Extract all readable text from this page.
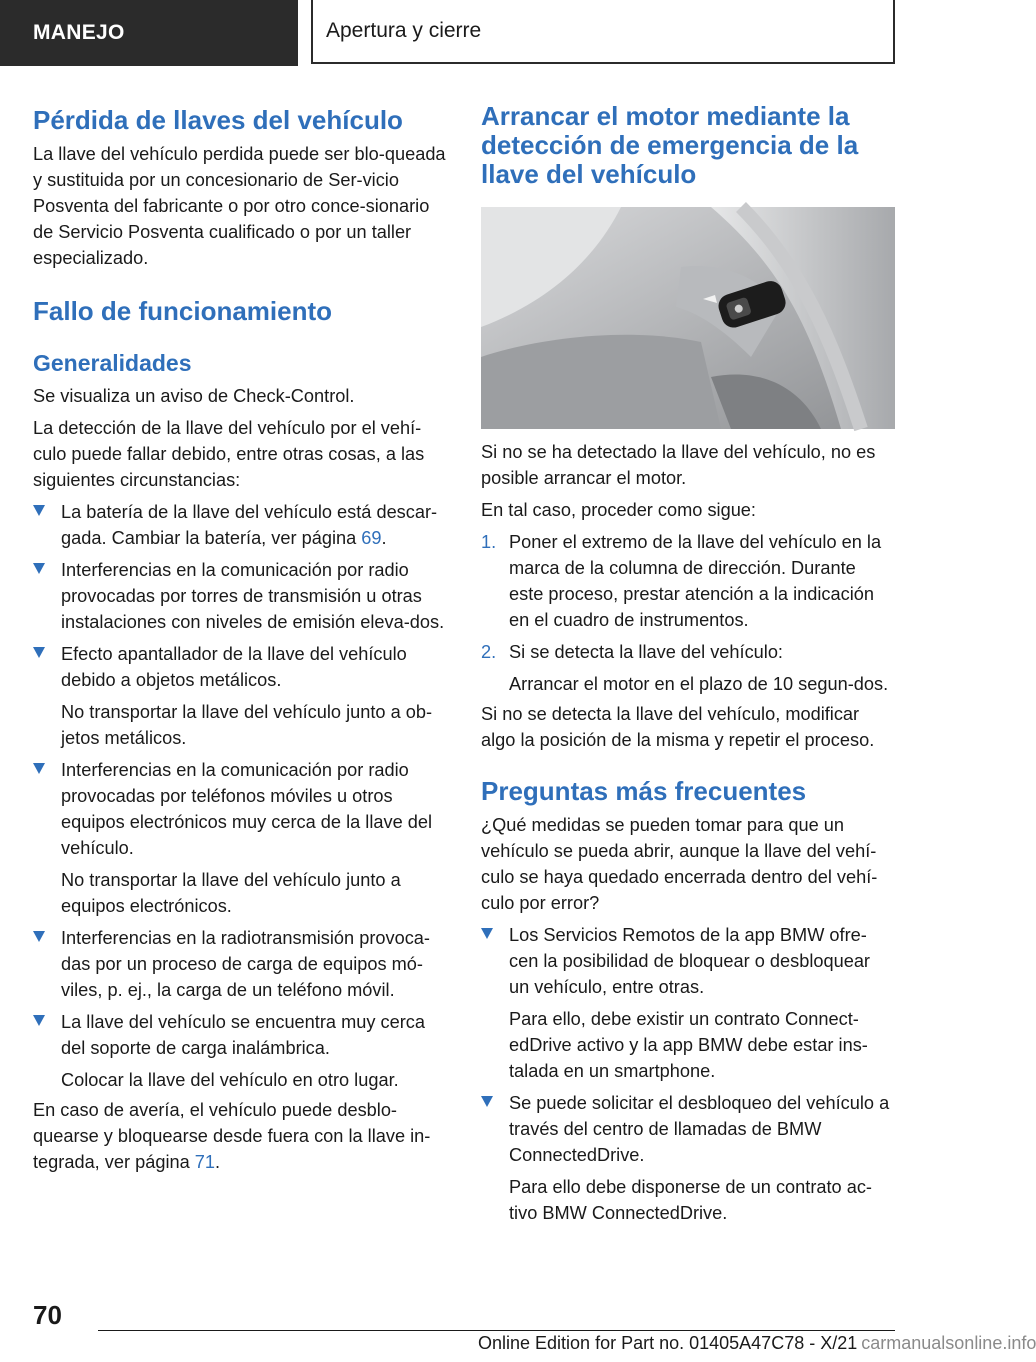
MANEJO	Apertura y cierre
Pérdida de llaves del vehículo

La llave del vehículo perdida puede ser blo-queada y sustituida por un concesionario de Ser-vicio Posventa del fabricante o por otro conce-sionario de Servicio Posventa cualificado o por un taller especializado.

Fallo de funcionamiento
Generalidades

Se visualiza un aviso de Check-Control.

La detección de la llave del vehículo por el vehí-culo puede fallar debido, entre otras cosas, a las siguientes circunstancias:

La batería de la llave del vehículo está descar-gada. Cambiar la batería, ver página 69.

Interferencias en la comunicación por radio provocadas por torres de transmisión u otras instalaciones con niveles de emisión eleva-dos.

Efecto apantallador de la llave del vehículo debido a objetos metálicos.

No transportar la llave del vehículo junto a ob-jetos metálicos.

Interferencias en la comunicación por radio provocadas por teléfonos móviles u otros equipos electrónicos muy cerca de la llave del vehículo.

No transportar la llave del vehículo junto a equipos electrónicos.

Interferencias en la radiotransmisión provoca-das por un proceso de carga de equipos mó-viles, p. ej., la carga de un teléfono móvil.

La llave del vehículo se encuentra muy cerca del soporte de carga inalámbrica.

Colocar la llave del vehículo en otro lugar.

En caso de avería, el vehículo puede desblo-quearse y bloquearse desde fuera con la llave in-tegrada, ver página 71.

Arrancar el motor mediante la detección de emergencia de la llave del vehículo

Si no se ha detectado la llave del vehículo, no es posible arrancar el motor.

En tal caso, proceder como sigue:

1. Poner el extremo de la llave del vehículo en la marca de la columna de dirección. Durante este proceso, prestar atención a la indicación en el cuadro de instrumentos.

2. Si se detecta la llave del vehículo:

Arrancar el motor en el plazo de 10 segun-dos.

Si no se detecta la llave del vehículo, modificar algo la posición de la misma y repetir el proceso.

Preguntas más frecuentes

¿Qué medidas se pueden tomar para que un vehículo se pueda abrir, aunque la llave del vehí-culo se haya quedado encerrada dentro del vehí-culo por error?

Los Servicios Remotos de la app BMW ofre-cen la posibilidad de bloquear o desbloquear un vehículo, entre otras.

Para ello, debe existir un contrato Connect-edDrive activo y la app BMW debe estar ins-talada en un smartphone.

Se puede solicitar el desbloqueo del vehículo a través del centro de llamadas de BMW ConnectedDrive.

Para ello debe disponerse de un contrato ac-tivo BMW ConnectedDrive.

70
Online Edition for Part no. 01405A47C78 - X/21 carmanualsonline.info
